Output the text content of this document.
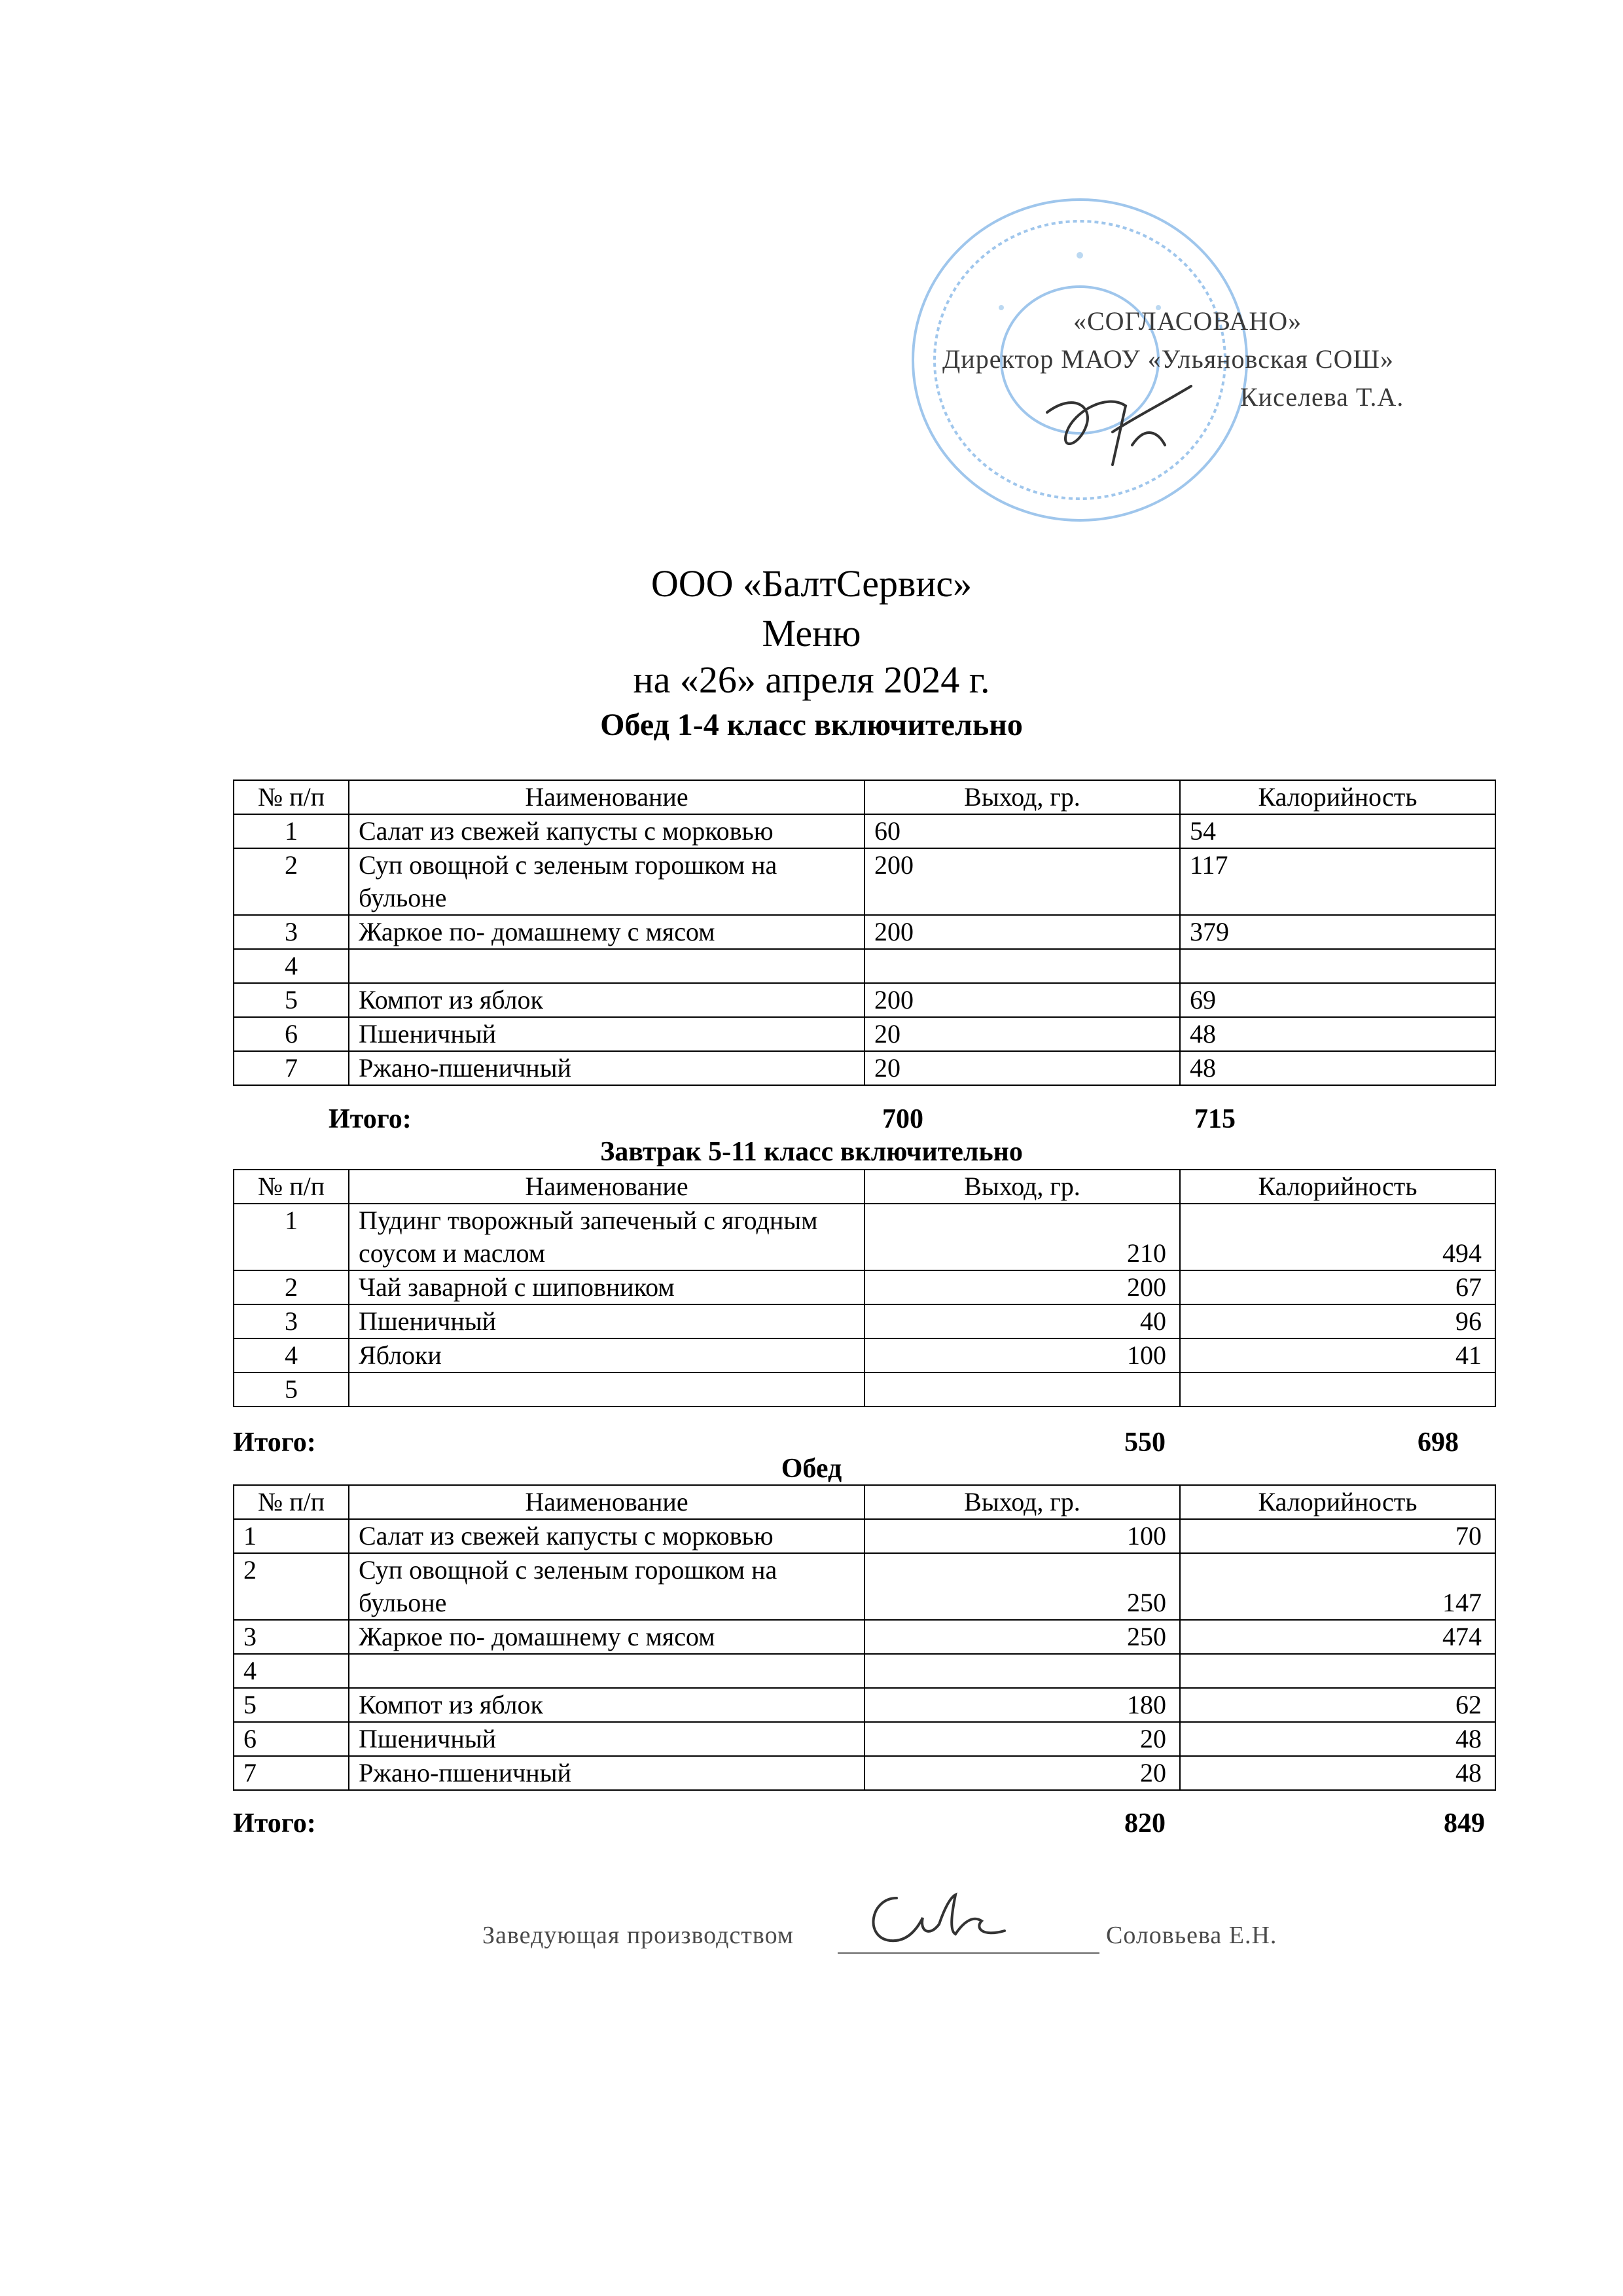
«СОГЛАСОВАНО»
Директор МАОУ «Ульяновская СОШ»
Киселева Т.А.
ООО «БалтСервис»
Меню
на «26» апреля 2024 г.
Обед 1-4 класс включительно
№ п/п	Наименование	Выход, гр.	Калорийность
1	Салат из свежей капусты с морковью	60	54
2	Суп овощной с зеленым горошком на бульоне	200	117
3	Жаркое по- домашнему с мясом	200	379
4			
5	Компот из яблок	200	69
6	Пшеничный	20	48
7	Ржано-пшеничный	20	48
Итого:	700	715
Завтрак 5-11 класс включительно
№ п/п	Наименование	Выход, гр.	Калорийность
1	Пудинг творожный запеченый с ягодным соусом и маслом	210	494
2	Чай заварной с шиповником	200	67
3	Пшеничный	40	96
4	Яблоки	100	41
5			
Итого:	550	698
Обед
№ п/п	Наименование	Выход, гр.	Калорийность
1	Салат из свежей капусты с морковью	100	70
2	Суп овощной с зеленым горошком на бульоне	250	147
3	Жаркое по- домашнему с мясом	250	474
4			
5	Компот из яблок	180	62
6	Пшеничный	20	48
7	Ржано-пшеничный	20	48
Итого:	820	849
Заведующая производством	Соловьева Е.Н.
